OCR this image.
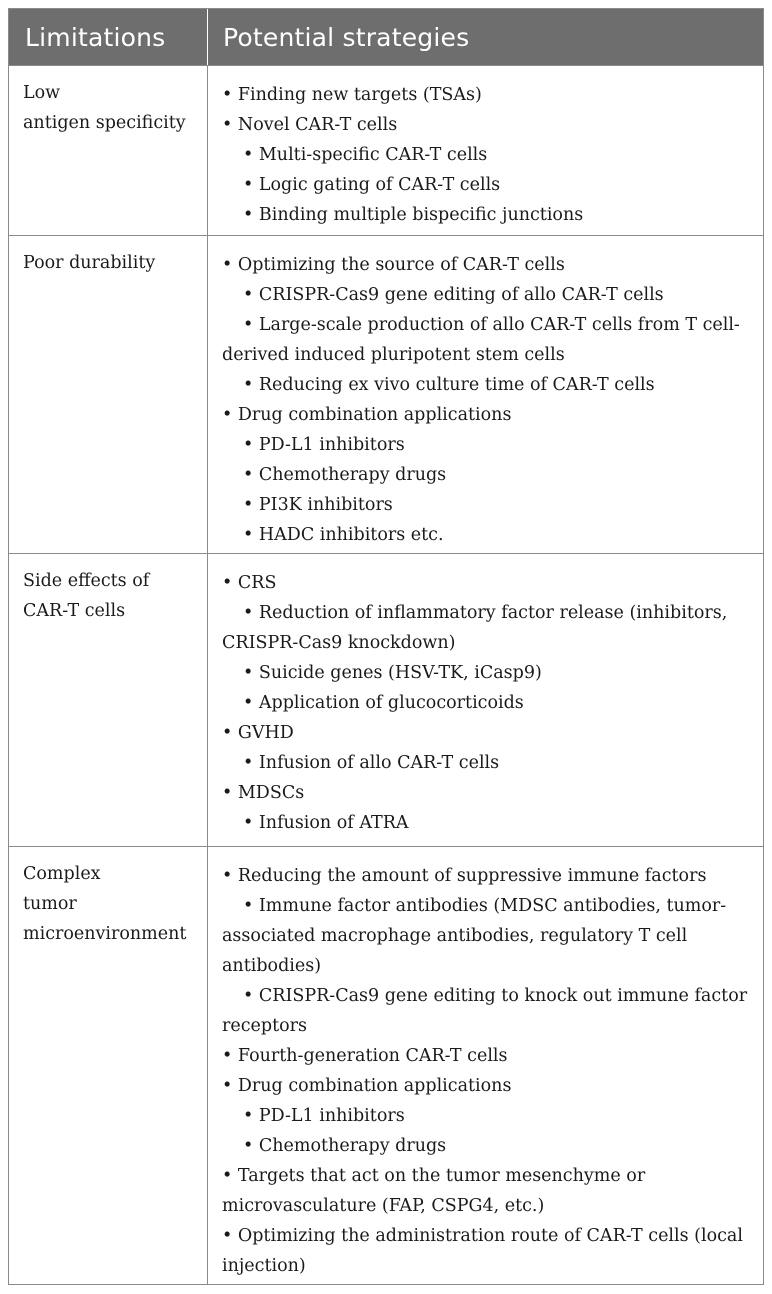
Limitations	Potential strategies
Low
antigen specificity

• Finding new targets (TSAs)

• Novel CAR-T cells

• Multi-specific CAR-T cells

• Logic gating of CAR-T cells

• Binding multiple bispecific junctions

Poor durability	• Optimizing the source of CAR-T cells

• CRISPR-Cas9 gene editing of allo CAR-T cells

• Large-scale production of allo CAR-T cells from T cell-derived induced pluripotent stem cells

• Reducing ex vivo culture time of CAR-T cells

• Drug combination applications

• PD-L1 inhibitors

• Chemotherapy drugs

• PI3K inhibitors

• HADC inhibitors etc.

Side effects of
CAR-T cells

• CRS

• Reduction of inflammatory factor release (inhibitors, CRISPR-Cas9 knockdown)

• Suicide genes (HSV-TK, iCasp9)

• Application of glucocorticoids

• GVHD

• Infusion of allo CAR-T cells

• MDSCs

• Infusion of ATRA

Complex
tumor
microenvironment

• Reducing the amount of suppressive immune factors

• Immune factor antibodies (MDSC antibodies, tumor-associated macrophage antibodies, regulatory T cell antibodies)

• CRISPR-Cas9 gene editing to knock out immune factor receptors

• Fourth-generation CAR-T cells

• Drug combination applications

• PD-L1 inhibitors

• Chemotherapy drugs

• Targets that act on the tumor mesenchyme or microvasculature (FAP, CSPG4, etc.)

• Optimizing the administration route of CAR-T cells (local injection)
